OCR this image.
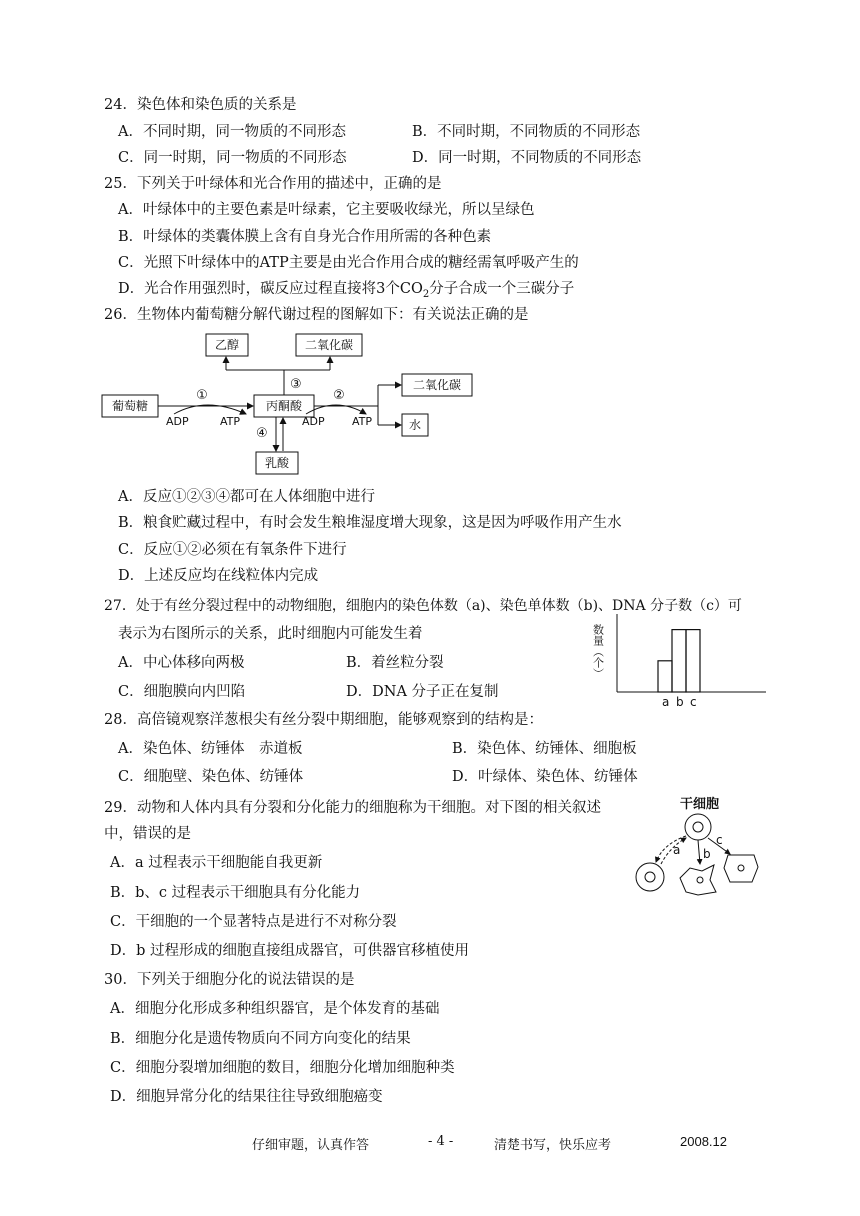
24．染色体和染色质的关系是
A．不同时期，同一物质的不同形态	B．不同时期，不同物质的不同形态
C．同一时期，同一物质的不同形态	D．同一时期，不同物质的不同形态
25．下列关于叶绿体和光合作用的描述中，正确的是
A．叶绿体中的主要色素是叶绿素，它主要吸收绿光，所以呈绿色
B．叶绿体的类囊体膜上含有自身光合作用所需的各种色素
C．光照下叶绿体中的ATP主要是由光合作用合成的糖经需氧呼吸产生的
D．光合作用强烈时，碳反应过程直接将3个$CO_2$分子合成一个三碳分子
26．生物体内葡萄糖分解代谢过程的图解如下：有关说法正确的是
葡萄糖	丙酮酸
乙醇	二氧化碳
二氧化碳
水
乳酸
①	②
③
④
ADP	ATP	ADP ATP
A．反应①②③④都可在人体细胞中进行
B．粮食贮藏过程中，有时会发生粮堆湿度增大现象，这是因为呼吸作用产生水
C．反应①②必须在有氧条件下进行
D．上述反应均在线粒体内完成
27．处于有丝分裂过程中的动物细胞，细胞内的染色体数（a)、染色单体数（b)、DNA 分子数（c）可
表示为右图所示的关系，此时细胞内可能发生着
A．中心体移向两极	B．着丝粒分裂
C．细胞膜向内凹陷	D．DNA 分子正在复制
数量（个）
a b c
28．高倍镜观察洋葱根尖有丝分裂中期细胞，能够观察到的结构是：
A．染色体、纺锤体　赤道板	B．染色体、纺锤体、细胞板
C．细胞壁、染色体、纺锤体	D．叶绿体、染色体、纺锤体
29．动物和人体内具有分裂和分化能力的细胞称为干细胞。对下图的相关叙述
中，错误的是
A．a 过程表示干细胞能自我更新
B．b、c 过程表示干细胞具有分化能力
C．干细胞的一个显著特点是进行不对称分裂
D．b 过程形成的细胞直接组成器官，可供器官移植使用
干细胞
a b
c
30．下列关于细胞分化的说法错误的是
A．细胞分化形成多种组织器官，是个体发育的基础
B．细胞分化是遗传物质向不同方向变化的结果
C．细胞分裂增加细胞的数目，细胞分化增加细胞种类
D．细胞异常分化的结果往往导致细胞癌变
仔细审题，认真作答	- 4 -	清楚书写，快乐应考	2008.12
